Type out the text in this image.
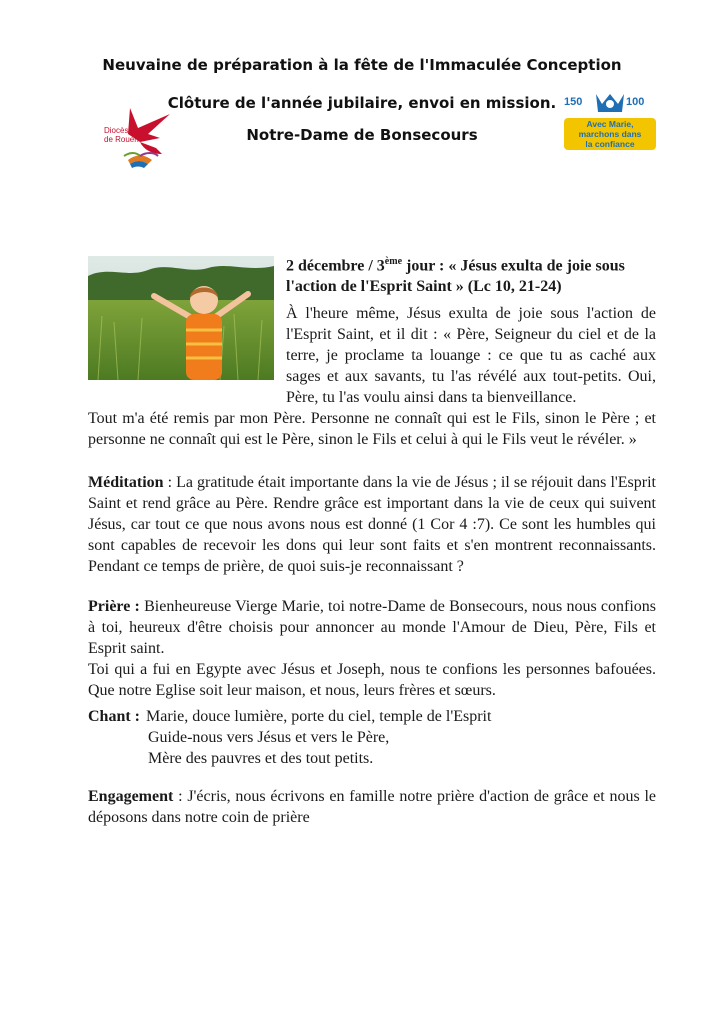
Neuvaine de préparation à la fête de l'Immaculée Conception
Clôture de l'année jubilaire, envoi en mission.
Notre-Dame de Bonsecours
Diocèse
de Rouen
150	100
Avec Marie,
marchons dans
la confiance
2 décembre / 3ème jour : « Jésus exulta de joie sous l'action de l'Esprit Saint » (Lc 10, 21-24)

À l'heure même, Jésus exulta de joie sous l'action de l'Esprit Saint, et il dit : « Père, Seigneur du ciel et de la terre, je proclame ta louange : ce que tu as caché aux sages et aux savants, tu l'as révélé aux tout-petits. Oui, Père, tu l'as voulu ainsi dans ta bienveillance.

Tout m'a été remis par mon Père. Personne ne connaît qui est le Fils, sinon le Père ; et personne ne connaît qui est le Père, sinon le Fils et celui à qui le Fils veut le révéler. »

Méditation : La gratitude était importante dans la vie de Jésus ; il se réjouit dans l'Esprit Saint et rend grâce au Père. Rendre grâce est important dans la vie de ceux qui suivent Jésus, car tout ce que nous avons nous est donné (1 Cor 4 :7). Ce sont les humbles qui sont capables de recevoir les dons qui leur sont faits et s'en montrent reconnaissants. Pendant ce temps de prière, de quoi suis-je reconnaissant ?

Prière : Bienheureuse Vierge Marie, toi notre-Dame de Bonsecours, nous nous confions à toi, heureux d'être choisis pour annoncer au monde l'Amour de Dieu, Père, Fils et Esprit saint.

Toi qui a fui en Egypte avec Jésus et Joseph, nous te confions les personnes bafouées. Que notre Eglise soit leur maison, et nous, leurs frères et sœurs.

Chant : Marie, douce lumière, porte du ciel, temple de l'Esprit
Guide-nous vers Jésus et vers le Père,
Mère des pauvres et des tout petits.

Engagement : J'écris, nous écrivons en famille notre prière d'action de grâce et nous le déposons dans notre coin de prière
